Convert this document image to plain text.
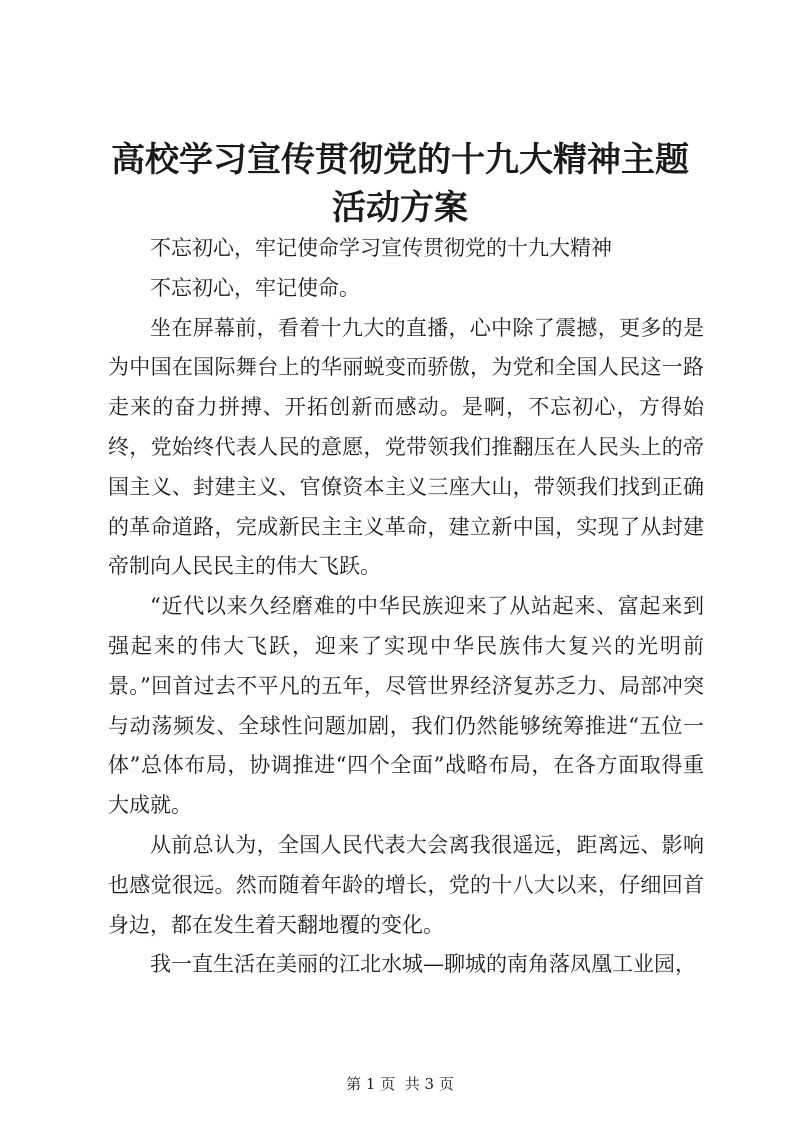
高校学习宣传贯彻党的十九大精神主题活动方案

不忘初心，牢记使命学习宣传贯彻党的十九大精神

不忘初心，牢记使命。

坐在屏幕前，看着十九大的直播，心中除了震撼，更多的是为中国在国际舞台上的华丽蜕变而骄傲，为党和全国人民这一路走来的奋力拼搏、开拓创新而感动。是啊，不忘初心，方得始终，党始终代表人民的意愿，党带领我们推翻压在人民头上的帝国主义、封建主义、官僚资本主义三座大山，带领我们找到正确的革命道路，完成新民主主义革命，建立新中国，实现了从封建帝制向人民民主的伟大飞跃。

“近代以来久经磨难的中华民族迎来了从站起来、富起来到强起来的伟大飞跃，迎来了实现中华民族伟大复兴的光明前景。”回首过去不平凡的五年，尽管世界经济复苏乏力、局部冲突与动荡频发、全球性问题加剧，我们仍然能够统筹推进“五位一体”总体布局，协调推进“四个全面”战略布局，在各方面取得重大成就。

从前总认为，全国人民代表大会离我很遥远，距离远、影响也感觉很远。然而随着年龄的增长，党的十八大以来，仔细回首身边，都在发生着天翻地覆的变化。

我一直生活在美丽的江北水城—聊城的南角落凤凰工业园，

第 1 页  共 3 页
